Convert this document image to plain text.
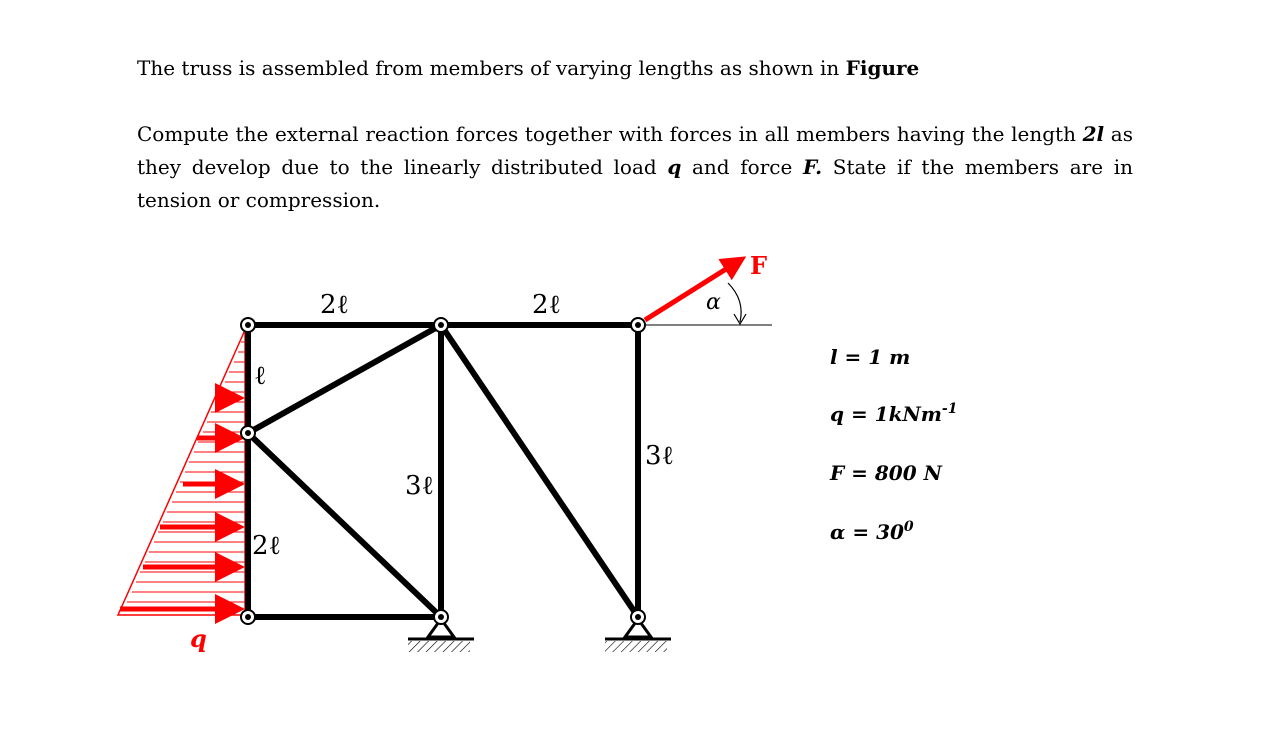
The truss is assembled from members of varying lengths as shown in Figure

Compute the external reaction forces together with forces in all members having the length 2l as they develop due to the linearly distributed load q and force F. State if the members are in tension or compression.

F
α
2ℓ	2ℓ
ℓ
2ℓ
3ℓ
3ℓ
q
l = 1 m
q = 1kNm$^{-1}$
F = 800 N
$\alpha = 30^0$
